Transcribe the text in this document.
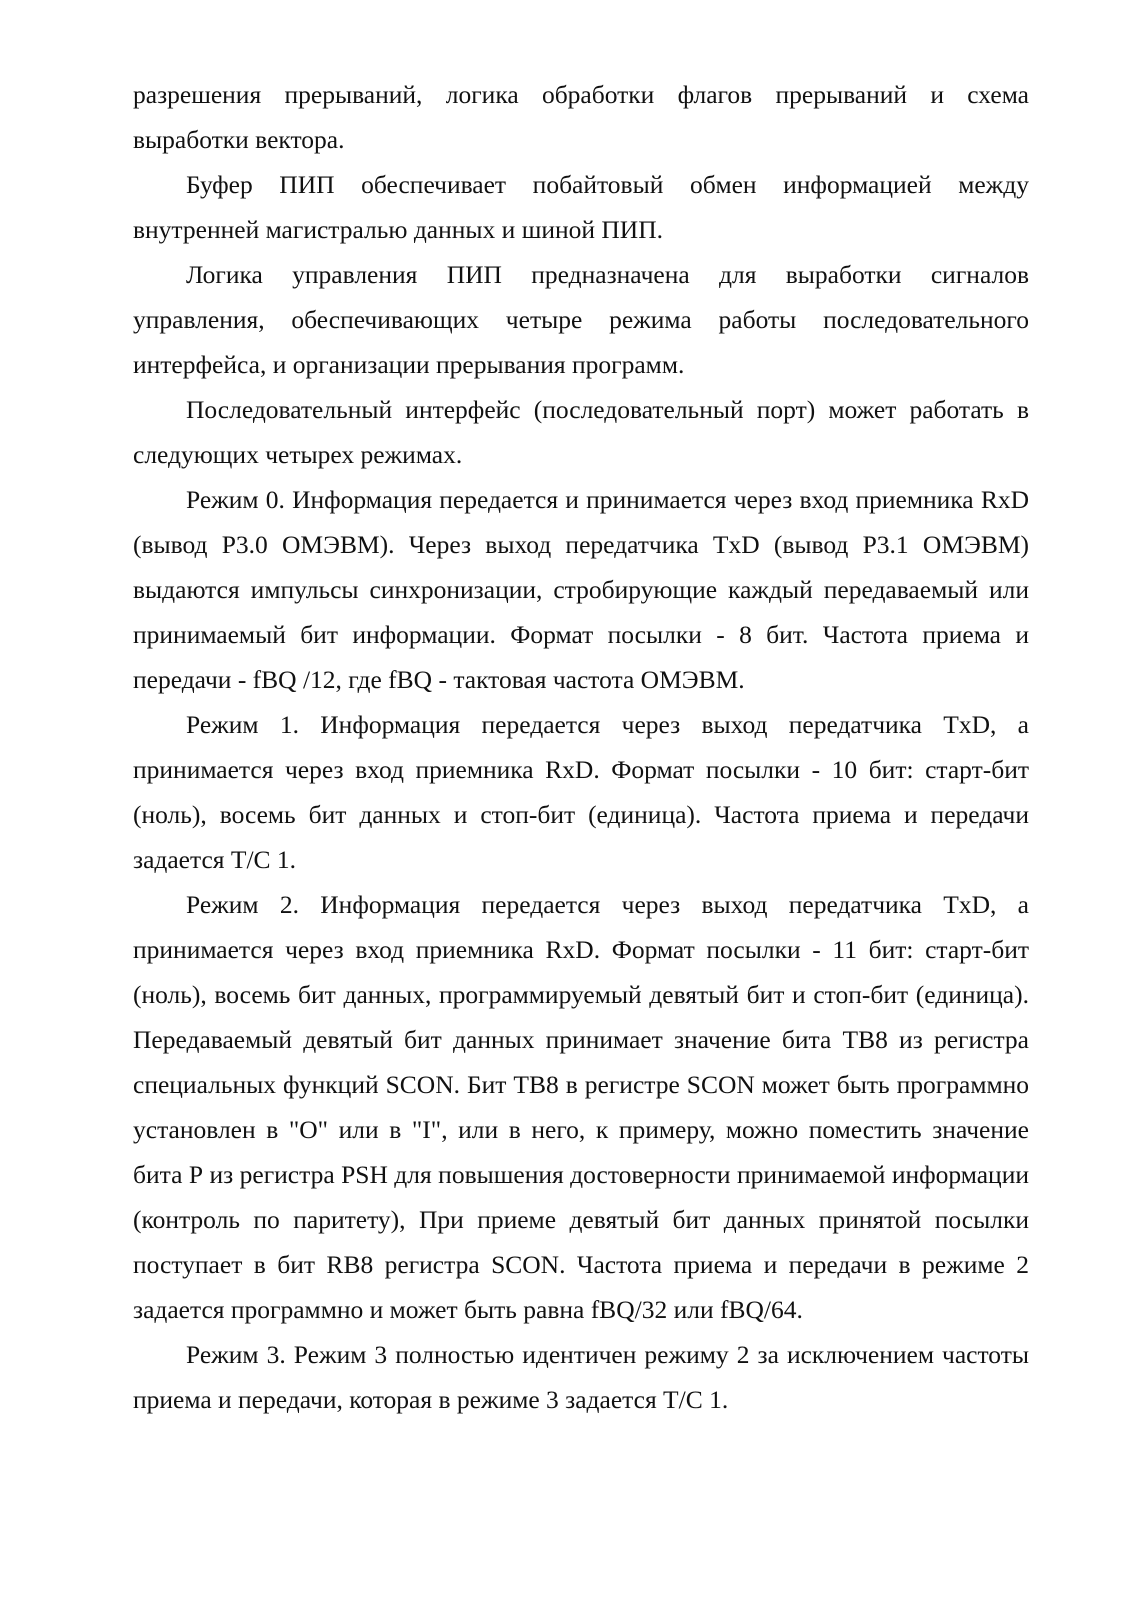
разрешения прерываний, логика обработки флагов прерываний и схема выработки вектора.

Буфер ПИП обеспечивает побайтовый обмен информацией между внутренней магистралью данных и шиной ПИП.

Логика управления ПИП предназначена для выработки сигналов управления, обеспечивающих четыре режима работы последовательного интерфейса, и организации прерывания программ.

Последовательный интерфейс (последовательный порт) может работать в следующих четырех режимах.

Режим 0. Информация передается и принимается через вход приемника RxD (вывод Р3.0 ОМЭВМ). Через выход передатчика TxD (вывод Р3.1 ОМЭВМ) выдаются импульсы синхронизации, стробирующие каждый передаваемый или принимаемый бит информации. Формат посылки - 8 бит. Частота приема и передачи - fBQ /12, где fBQ - тактовая частота ОМЭВМ.

Режим 1. Информация передается через выход передатчика TxD, а принимается через вход приемника RxD. Формат посылки - 10 бит: старт-бит (ноль), восемь бит данных и стоп-бит (единица). Частота приема и передачи задается Т/С 1.

Режим 2. Информация передается через выход передатчика TxD, а принимается через вход приемника RxD. Формат посылки - 11 бит: старт-бит (ноль), восемь бит данных, программируемый девятый бит и стоп-бит (единица). Передаваемый девятый бит данных принимает значение бита ТВ8 из регистра специальных функций SCON. Бит ТВ8 в регистре SCON может быть программно установлен в "О" или в "I", или в него, к примеру, можно поместить значение бита Р из регистра PSH для повышения достоверности принимаемой информации (контроль по паритету), При приеме девятый бит данных принятой посылки поступает в бит RB8 регистра SCON. Частота приема и передачи в режиме 2 задается программно и может быть равна fBQ/32 или fBQ/64.

Режим 3. Режим 3 полностью идентичен режиму 2 за исключением частоты приема и передачи, которая в режиме 3 задается Т/С 1.
